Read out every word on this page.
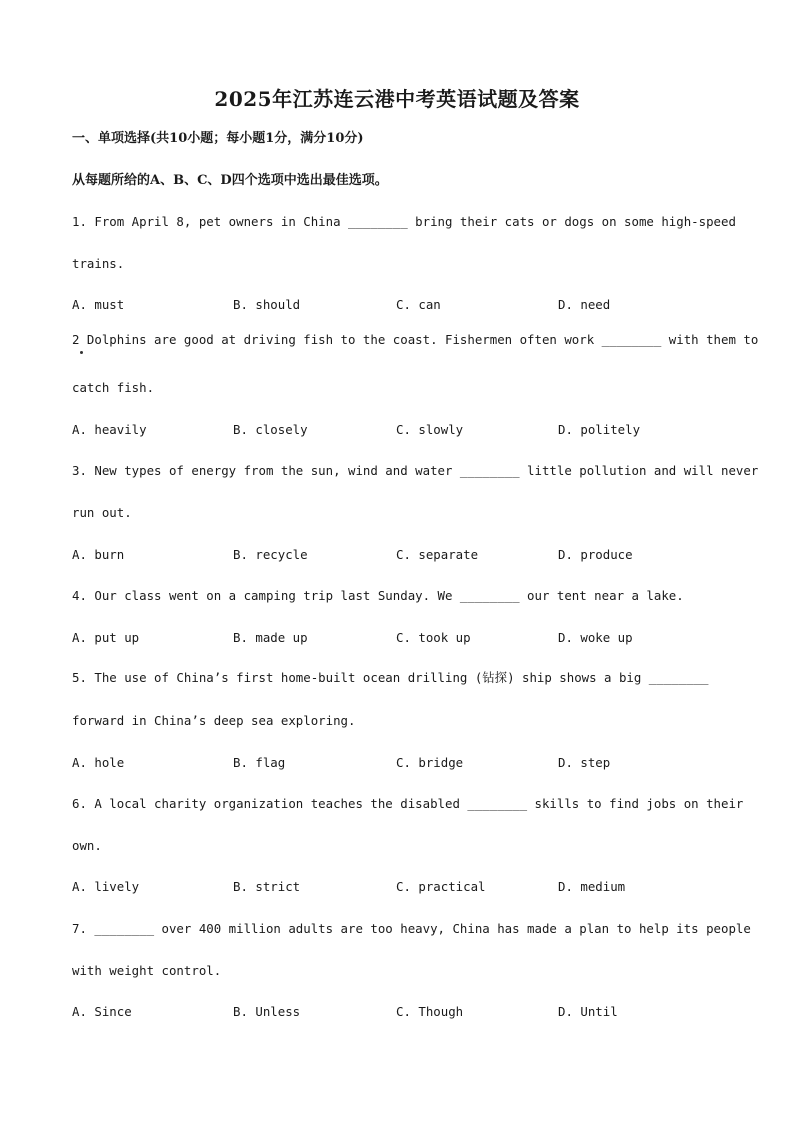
2025年江苏连云港中考英语试题及答案
一、单项选择(共10小题；每小题1分，满分10分)
从每题所给的A、B、C、D四个选项中选出最佳选项。
1. From April 8, pet owners in China ________ bring their cats or dogs on some high-speed
trains.
A. must	B. should	C. can	D. need
2 Dolphins are good at driving fish to the coast. Fishermen often work ________ with them to
catch fish.
A. heavily	B. closely	C. slowly	D. politely
3. New types of energy from the sun, wind and water ________ little pollution and will never
run out.
A. burn	B. recycle	C. separate	D. produce
4. Our class went on a camping trip last Sunday. We ________ our tent near a lake.
A. put up	B. made up	C. took up	D. woke up
5. The use of China’s first home-built ocean drilling (钻探) ship shows a big ________
forward in China’s deep sea exploring.
A. hole	B. flag	C. bridge	D. step
6. A local charity organization teaches the disabled ________ skills to find jobs on their
own.
A. lively	B. strict	C. practical	D. medium
7. ________ over 400 million adults are too heavy, China has made a plan to help its people
with weight control.
A. Since	B. Unless	C. Though	D. Until
